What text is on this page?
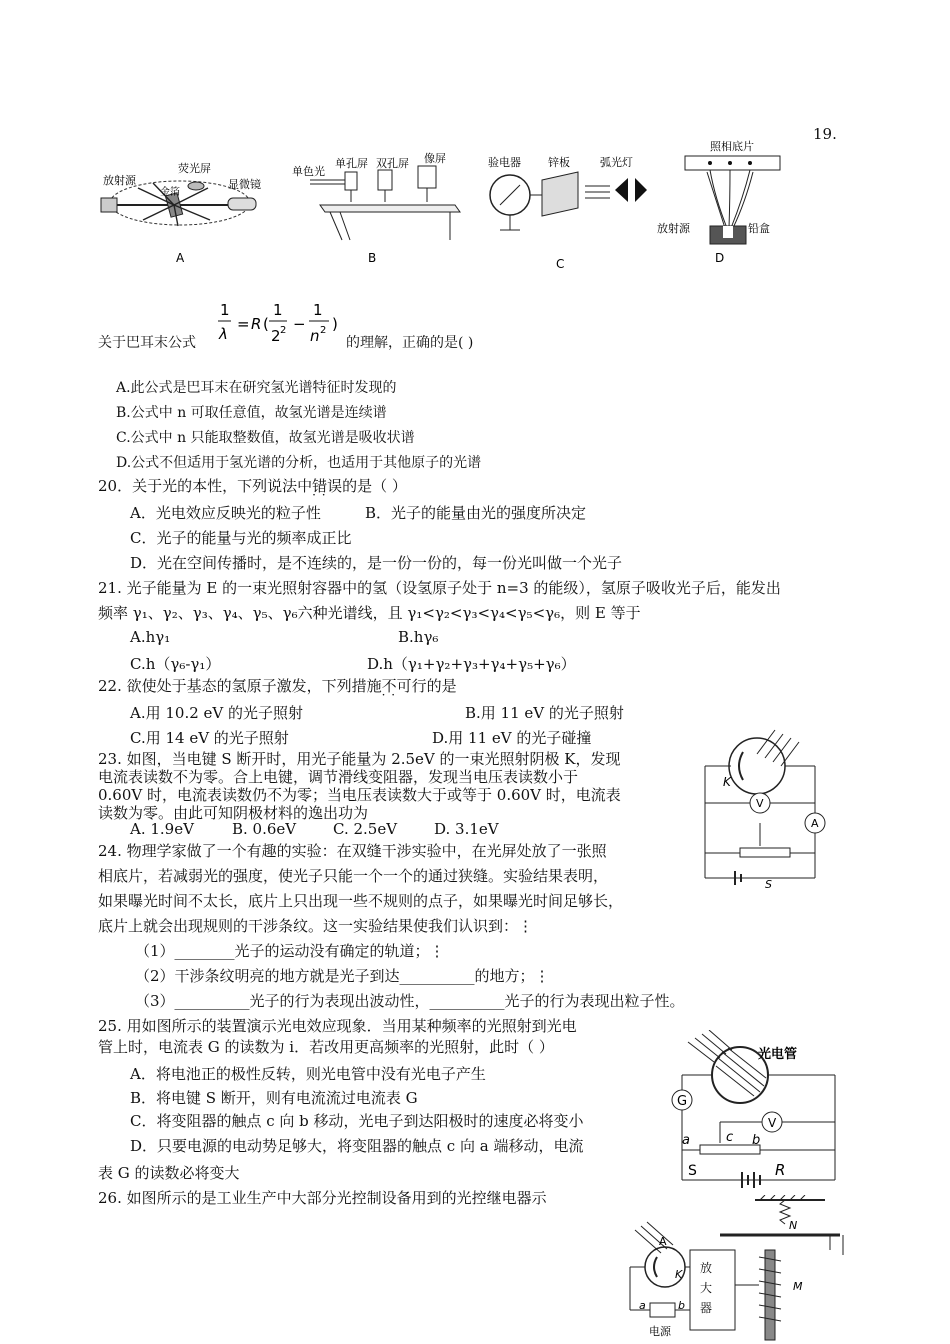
19.
放射源
荧光屏
金箔
显微镜
A
单色光
单孔屏 双孔屏 像屏
B
验电器 锌板	弧光灯
C
照相底片
放射源	铅盒
D
关于巴耳末公式
1
λ
= R (
1
2 2 −
1
n 2 )
的理解，正确的是( )
A.此公式是巴耳末在研究氢光谱特征时发现的
B.公式中 n 可取任意值，故氢光谱是连续谱
C.公式中 n 只能取整数值，故氢光谱是吸收状谱
D.公式不但适用于氢光谱的分析，也适用于其他原子的光谱
20．关于光的本性，下列说法中错误 · ·的是（ ）
A．光电效应反映光的粒子性	B．光子的能量由光的强度所决定
C．光子的能量与光的频率成正比
D．光在空间传播时，是不连续的，是一份一份的，每一份光叫做一个光子
21. 光子能量为 E 的一束光照射容器中的氢（设氢原子处于 n=3 的能级），氢原子吸收光子后，能发出
频率 γ₁、γ₂、γ₃、γ₄、γ₅、γ₆六种光谱线，且 γ₁<γ₂<γ₃<γ₄<γ₅<γ₆，则 E 等于
A.hγ₁	B.hγ₆
C.h（γ₆-γ₁）	D.h（γ₁+γ₂+γ₃+γ₄+γ₅+γ₆）
22. 欲使处于基态的氢原子激发，下列措施不可行 · ·的是
A.用 10.2 eV 的光子照射	B.用 11 eV 的光子照射
C.用 14 eV 的光子照射	D.用 11 eV 的光子碰撞
23. 如图，当电键 S 断开时，用光子能量为 2.5eV 的一束光照射阴极 K，发现
电流表读数不为零。合上电键，调节滑线变阻器，发现当电压表读数小于
0.60V 时，电流表读数仍不为零；当电压表读数大于或等于 0.60V 时，电流表
读数为零。由此可知阴极材料的逸出功为
A. 1.9eV	B. 0.6eV C. 2.5eV D. 3.1eV
K
V
A
S
24. 物理学家做了一个有趣的实验：在双缝干涉实验中，在光屏处放了一张照
相底片，若减弱光的强度，使光子只能一个一个的通过狭缝。实验结果表明，
如果曝光时间不太长，底片上只出现一些不规则的点子，如果曝光时间足够长，
底片上就会出现规则的干涉条纹。这一实验结果使我们认识到：⋮
（1）________光子的运动没有确定的轨道；⋮
（2）干涉条纹明亮的地方就是光子到达__________的地方；⋮
（3）__________光子的行为表现出波动性，__________光子的行为表现出粒子性。
25. 用如图所示的装置演示光电效应现象．当用某种频率的光照射到光电
管上时，电流表 G 的读数为 i．若改用更高频率的光照射，此时（ ）
A．将电池正的极性反转，则光电管中没有光电子产生
B．将电键 S 断开，则有电流流过电流表 G
C．将变阻器的触点 c 向 b 移动，光电子到达阳极时的速度必将变小
D．只要电源的电动势足够大，将变阻器的触点 c 向 a 端移动，电流
表 G 的读数必将变大
光电管
G
V
a	c b
S	R
26. 如图所示的是工业生产中大部分光控制设备用到的光控继电器示
A
K
N
M
a	b
电源
放大器
